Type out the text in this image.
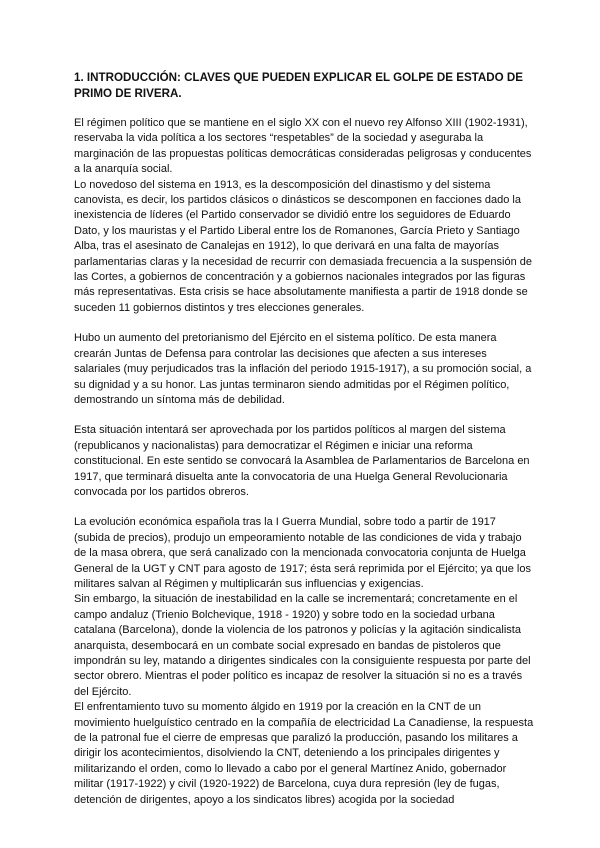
1. INTRODUCCIÓN: CLAVES QUE PUEDEN EXPLICAR EL GOLPE DE ESTADO DE PRIMO DE RIVERA.

El régimen político que se mantiene en el siglo XX con el nuevo rey Alfonso XIII (1902-1931), reservaba la vida política a los sectores “respetables” de la sociedad y aseguraba la marginación de las propuestas políticas democráticas consideradas peligrosas y conducentes a la anarquía social.

Lo novedoso del sistema en 1913, es la descomposición del dinastismo y del sistema canovista, es decir, los partidos clásicos o dinásticos se descomponen en facciones dado la inexistencia de líderes (el Partido conservador se dividió entre los seguidores de Eduardo Dato, y los mauristas y el Partido Liberal entre los de Romanones, García Prieto y Santiago Alba, tras el asesinato de Canalejas en 1912), lo que derivará en una falta de mayorías parlamentarias claras y la necesidad de recurrir con demasiada frecuencia a la suspensión de las Cortes, a gobiernos de concentración y a gobiernos nacionales integrados por las figuras más representativas. Esta crisis se hace absolutamente manifiesta a partir de 1918 donde se suceden 11 gobiernos distintos y tres elecciones generales.

Hubo un aumento del pretorianismo del Ejército en el sistema político. De esta manera crearán Juntas de Defensa para controlar las decisiones que afecten a sus intereses salariales (muy perjudicados tras la inflación del periodo 1915-1917), a su promoción social, a su dignidad y a su honor. Las juntas terminaron siendo admitidas por el Régimen político, demostrando un síntoma más de debilidad.

Esta situación intentará ser aprovechada por los partidos políticos al margen del sistema (republicanos y nacionalistas) para democratizar el Régimen e iniciar una reforma constitucional. En este sentido se convocará la Asamblea de Parlamentarios de Barcelona en 1917, que terminará disuelta ante la convocatoria de una Huelga General Revolucionaria convocada por los partidos obreros.

La evolución económica española tras la I Guerra Mundial, sobre todo a partir de 1917 (subida de precios), produjo un empeoramiento notable de las condiciones de vida y trabajo de la masa obrera, que será canalizado con la mencionada convocatoria conjunta de Huelga General de la UGT y CNT para agosto de 1917; ésta será reprimida por el Ejército; ya que los militares salvan al Régimen y multiplicarán sus influencias y exigencias.

Sin embargo, la situación de inestabilidad en la calle se incrementará; concretamente en el campo andaluz (Trienio Bolchevique, 1918 - 1920) y sobre todo en la sociedad urbana catalana (Barcelona), donde la violencia de los patronos y policías y la agitación sindicalista anarquista, desembocará en un combate social expresado en bandas de pistoleros que impondrán su ley, matando a dirigentes sindicales con la consiguiente respuesta por parte del sector obrero. Mientras el poder político es incapaz de resolver la situación si no es a través del Ejército.

El enfrentamiento tuvo su momento álgido en 1919 por la creación en la CNT de un movimiento huelguístico centrado en la compañía de electricidad La Canadiense, la respuesta de la patronal fue el cierre de empresas que paralizó la producción, pasando los militares a dirigir los acontecimientos, disolviendo la CNT, deteniendo a los principales dirigentes y militarizando el orden, como lo llevado a cabo por el general Martínez Anido, gobernador militar (1917-1922) y civil (1920-1922) de Barcelona, cuya dura represión (ley de fugas, detención de dirigentes, apoyo a los sindicatos libres) acogida por la sociedad
